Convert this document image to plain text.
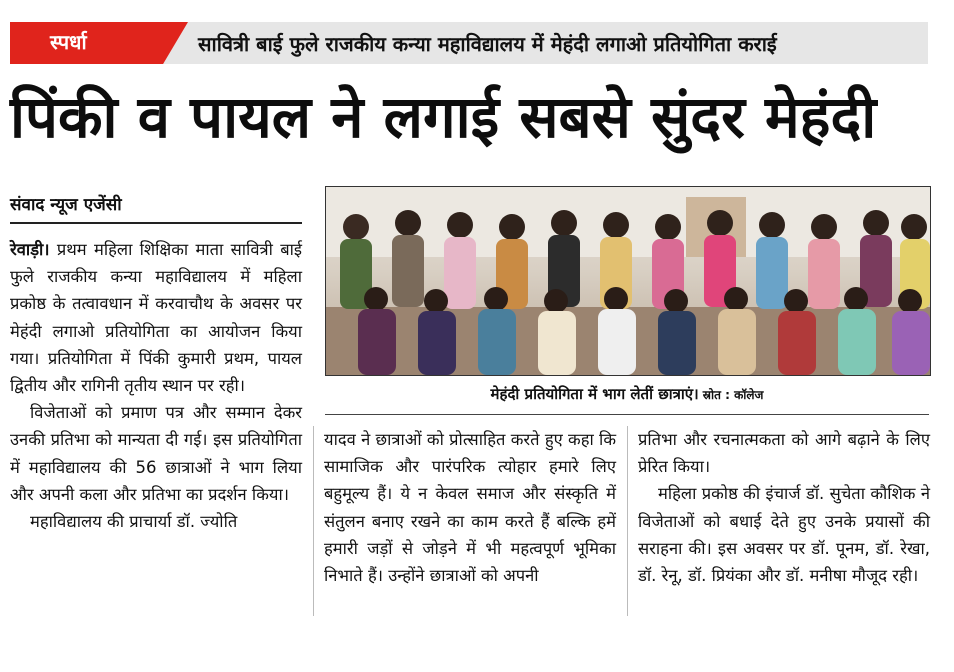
स्पर्धा	सावित्री बाई फुले राजकीय कन्या महाविद्यालय में मेहंदी लगाओ प्रतियोगिता कराई
पिंकी व पायल ने लगाई सबसे सुंदर मेहंदी
संवाद न्यूज एजेंसी

रेवाड़ी। प्रथम महिला शिक्षिका माता सावित्री बाई फुले राजकीय कन्या महाविद्यालय में महिला प्रकोष्ठ के तत्वावधान में करवाचौथ के अवसर पर मेहंदी लगाओ प्रतियोगिता का आयोजन किया गया। प्रतियोगिता में पिंकी कुमारी प्रथम, पायल द्वितीय और रागिनी तृतीय स्थान पर रही।

विजेताओं को प्रमाण पत्र और सम्मान देकर उनकी प्रतिभा को मान्यता दी गई। इस प्रतियोगिता में महाविद्यालय की 56 छात्राओं ने भाग लिया और अपनी कला और प्रतिभा का प्रदर्शन किया।

महाविद्यालय की प्राचार्या डॉ. ज्योति

मेहंदी प्रतियोगिता में भाग लेतीं छात्राएं। स्रोत : कॉलेज

यादव ने छात्राओं को प्रोत्साहित करते हुए कहा कि सामाजिक और पारंपरिक त्योहार हमारे लिए बहुमूल्य हैं। ये न केवल समाज और संस्कृति में संतुलन बनाए रखने का काम करते हैं बल्कि हमें हमारी जड़ों से जोड़ने में भी महत्वपूर्ण भूमिका निभाते हैं। उन्होंने छात्राओं को अपनी

प्रतिभा और रचनात्मकता को आगे बढ़ाने के लिए प्रेरित किया।

महिला प्रकोष्ठ की इंचार्ज डॉ. सुचेता कौशिक ने विजेताओं को बधाई देते हुए उनके प्रयासों की सराहना की। इस अवसर पर डॉ. पूनम, डॉ. रेखा, डॉ. रेनू, डॉ. प्रियंका और डॉ. मनीषा मौजूद रही।
